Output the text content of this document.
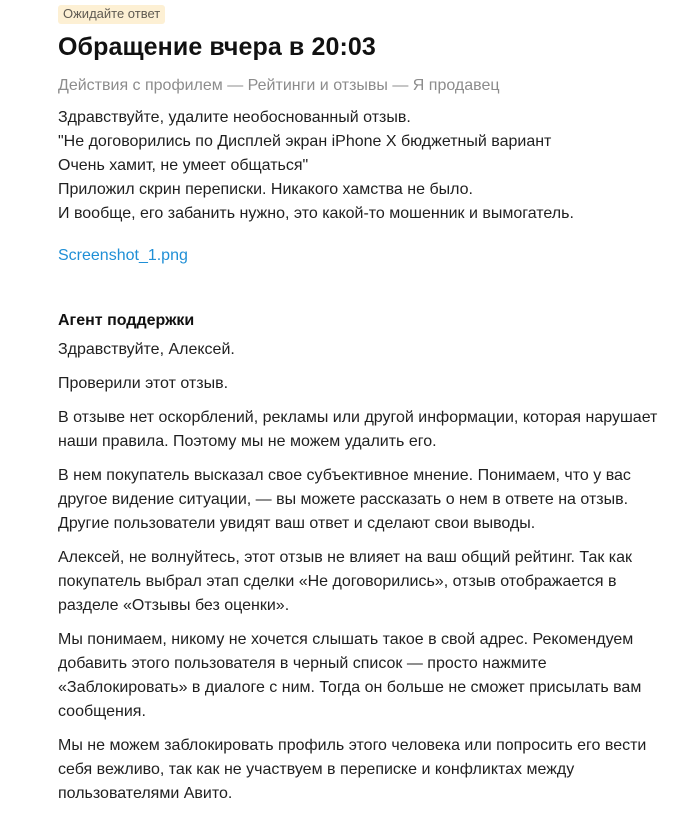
Ожидайте ответ
Обращение вчера в 20:03
Действия с профилем — Рейтинги и отзывы — Я продавец
Здравствуйте, удалите необоснованный отзыв.
"Не договорились по Дисплей экран iPhone X бюджетный вариант
Очень хамит, не умеет общаться"
Приложил скрин переписки. Никакого хамства не было.
И вообще, его забанить нужно, это какой-то мошенник и вымогатель.
Screenshot_1.png
Агент поддержки

Здравствуйте, Алексей.

Проверили этот отзыв.

В отзыве нет оскорблений, рекламы или другой информации, которая нарушает наши правила. Поэтому мы не можем удалить его.

В нем покупатель высказал свое субъективное мнение. Понимаем, что у вас другое видение ситуации, — вы можете рассказать о нем в ответе на отзыв. Другие пользователи увидят ваш ответ и сделают свои выводы.

Алексей, не волнуйтесь, этот отзыв не влияет на ваш общий рейтинг. Так как покупатель выбрал этап сделки «Не договорились», отзыв отображается в разделе «Отзывы без оценки».

Мы понимаем, никому не хочется слышать такое в свой адрес. Рекомендуем добавить этого пользователя в черный список — просто нажмите «Заблокировать» в диалоге с ним. Тогда он больше не сможет присылать вам сообщения.

Мы не можем заблокировать профиль этого человека или попросить его вести себя вежливо, так как не участвуем в переписке и конфликтах между пользователями Авито.
